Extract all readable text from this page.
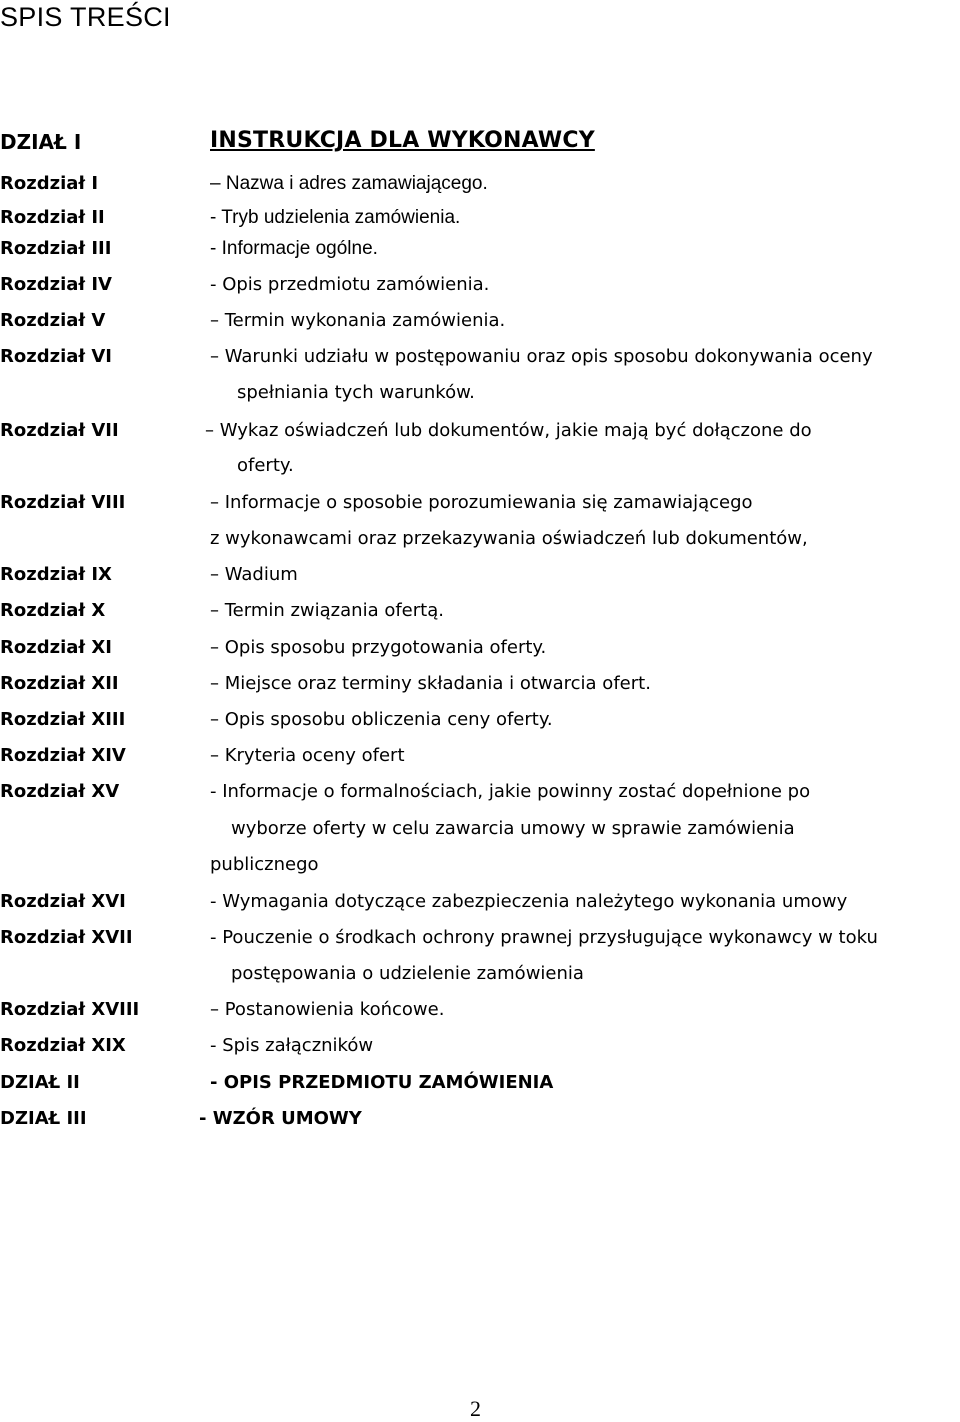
SPIS TREŚCI
DZIAŁ I	INSTRUKCJA DLA WYKONAWCY
Rozdział I	– Nazwa i adres zamawiającego.
Rozdział II	- Tryb udzielenia zamówienia.
Rozdział III	- Informacje ogólne.
Rozdział IV	- Opis przedmiotu zamówienia.
Rozdział V	– Termin wykonania zamówienia.
Rozdział VI	– Warunki udziału w postępowaniu oraz opis sposobu dokonywania oceny
spełniania tych warunków.
Rozdział VII	– Wykaz oświadczeń lub dokumentów, jakie mają być dołączone do
oferty.
Rozdział VIII	– Informacje o sposobie porozumiewania się zamawiającego
z wykonawcami oraz przekazywania oświadczeń lub dokumentów,
Rozdział IX	– Wadium
Rozdział X	– Termin związania ofertą.
Rozdział XI	– Opis sposobu przygotowania oferty.
Rozdział XII	– Miejsce oraz terminy składania i otwarcia ofert.
Rozdział XIII	– Opis sposobu obliczenia ceny oferty.
Rozdział XIV	– Kryteria oceny ofert
Rozdział XV	- Informacje o formalnościach, jakie powinny zostać dopełnione po
wyborze oferty w celu zawarcia umowy w sprawie zamówienia
publicznego
Rozdział XVI	- Wymagania dotyczące zabezpieczenia należytego wykonania umowy
Rozdział XVII	- Pouczenie o środkach ochrony prawnej przysługujące wykonawcy w toku
postępowania o udzielenie zamówienia
Rozdział XVIII	– Postanowienia końcowe.
Rozdział XIX	- Spis załączników
DZIAŁ II	- OPIS PRZEDMIOTU ZAMÓWIENIA
DZIAŁ III	- WZÓR UMOWY
2
